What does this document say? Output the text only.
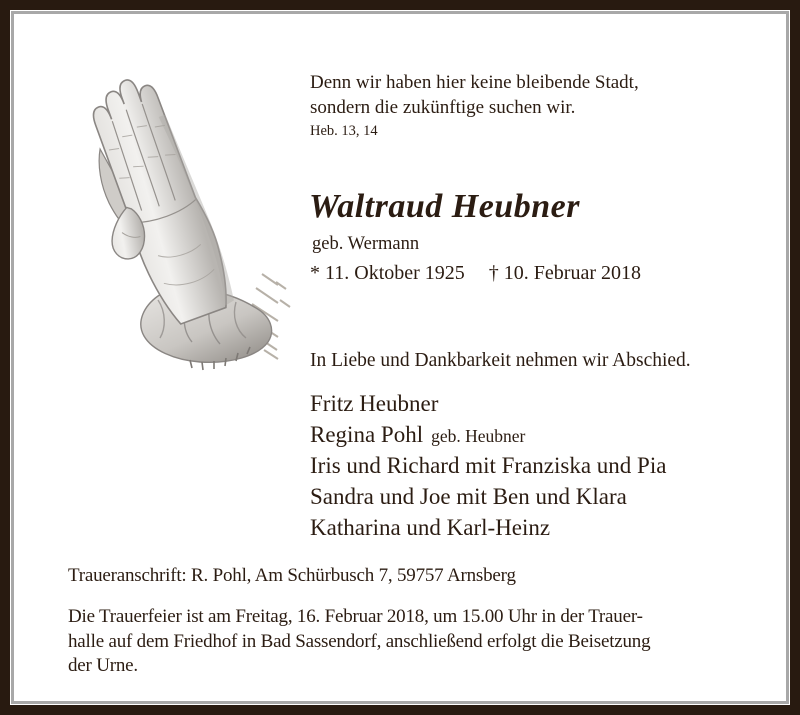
Denn wir haben hier keine bleibende Stadt,
sondern die zukünftige suchen wir.
Heb. 13, 14
Waltraud Heubner
geb. Wermann
* 11. Oktober 1925 † 10. Februar 2018
In Liebe und Dankbarkeit nehmen wir Abschied.
Fritz Heubner
Regina Pohl geb. Heubner
Iris und Richard mit Franziska und Pia
Sandra und Joe mit Ben und Klara
Katharina und Karl-Heinz
Traueranschrift: R. Pohl, Am Schürbusch 7, 59757 Arnsberg
Die Trauerfeier ist am Freitag, 16. Februar 2018, um 15.00 Uhr in der Trauer-
halle auf dem Friedhof in Bad Sassendorf, anschließend erfolgt die Beisetzung
der Urne.
